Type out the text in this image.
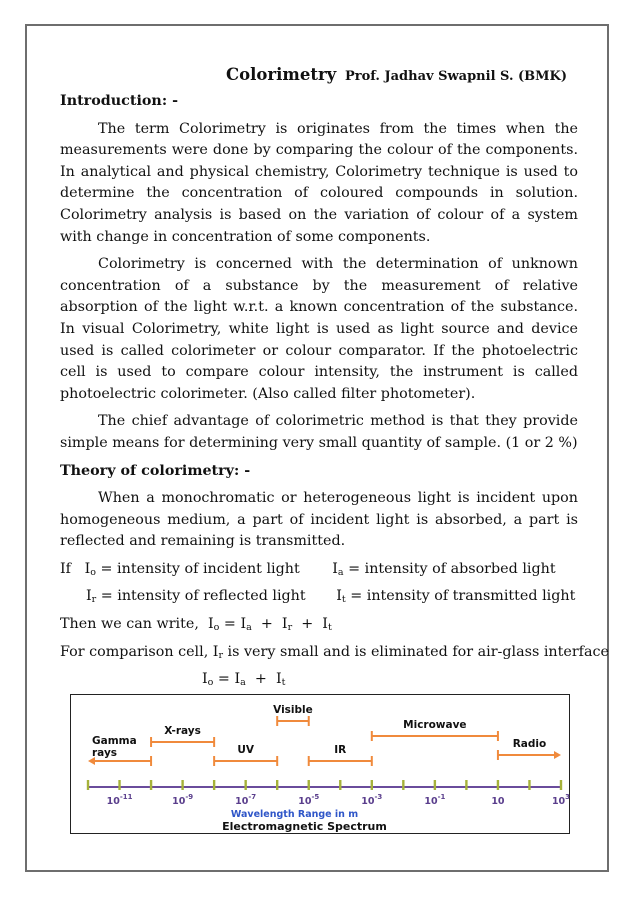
Colorimetry Prof. Jadhav Swapnil S. (BMK)
Introduction: -

The term Colorimetry is originates from the times when the measurements were done by comparing the colour of the components. In analytical and physical chemistry, Colorimetry technique is used to determine the concentration of coloured compounds in solution. Colorimetry analysis is based on the variation of colour of a system with change in concentration of some components.

Colorimetry is concerned with the determination of unknown concentration of a substance by the measurement of relative absorption of the light w.r.t. a known concentration of the substance. In visual Colorimetry, white light is used as light source and device used is called colorimeter or colour comparator. If the photoelectric cell is used to compare colour intensity, the instrument is called photoelectric colorimeter. (Also called filter photometer).

The chief advantage of colorimetric method is that they provide simple means for determining very small quantity of sample. (1 or 2 %)

Theory of colorimetry: -

When a monochromatic or heterogeneous light is incident upon homogeneous medium, a part of incident light is absorbed, a part is reflected and remaining is transmitted.

If   $I_o$ = intensity of incident light $I_a$ = intensity of absorbed light
$I_r$ = intensity of reflected light $I_t$ = intensity of transmitted light
Then we can write,  $I_o = I_a + I_r + I_t$
For comparison cell, $I_r$ is very small and is eliminated for air-glass interface
$I_o = I_a + I_t$
Gamma
rays
X-rays
UV
Visible
IR
Microwave
Radio
$10^{-11}$	$10^{-9}$	$10^{-7}$	$10^{-5}$	$10^{-3}$	$10^{-1}$	10	$10^3$
Wavelength Range in m
Electromagnetic Spectrum
